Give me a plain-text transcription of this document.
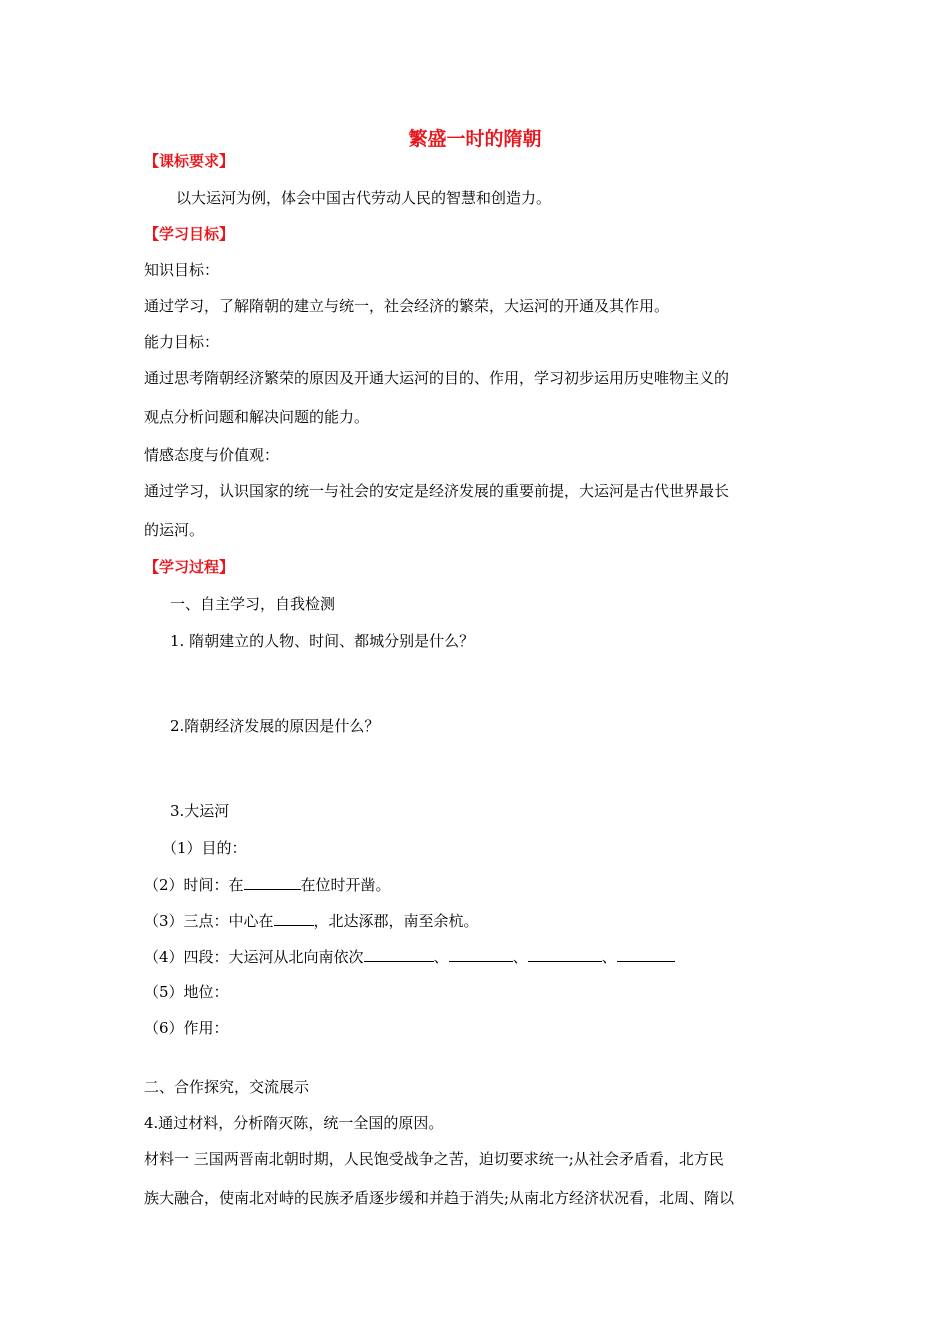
繁盛一时的隋朝
【课标要求】
以大运河为例，体会中国古代劳动人民的智慧和创造力。
【学习目标】
知识目标：
通过学习，了解隋朝的建立与统一，社会经济的繁荣，大运河的开通及其作用。
能力目标：
通过思考隋朝经济繁荣的原因及开通大运河的目的、作用，学习初步运用历史唯物主义的
观点分析问题和解决问题的能力。
情感态度与价值观：
通过学习，认识国家的统一与社会的安定是经济发展的重要前提，大运河是古代世界最长
的运河。
【学习过程】
一、自主学习，自我检测
1. 隋朝建立的人物、时间、都城分别是什么？
2.隋朝经济发展的原因是什么？
3.大运河
（1）目的：
（2）时间：在	在位时开凿。
（3）三点：中心在	，北达涿郡，南至余杭。
（4）四段：大运河从北向南依次	、	、	、
（5）地位：
（6）作用：
二、合作探究，交流展示
4.通过材料，分析隋灭陈，统一全国的原因。
材料一 三国两晋南北朝时期，人民饱受战争之苦，迫切要求统一;从社会矛盾看，北方民
族大融合，使南北对峙的民族矛盾逐步缓和并趋于消失;从南北方经济状况看，北周、隋以
